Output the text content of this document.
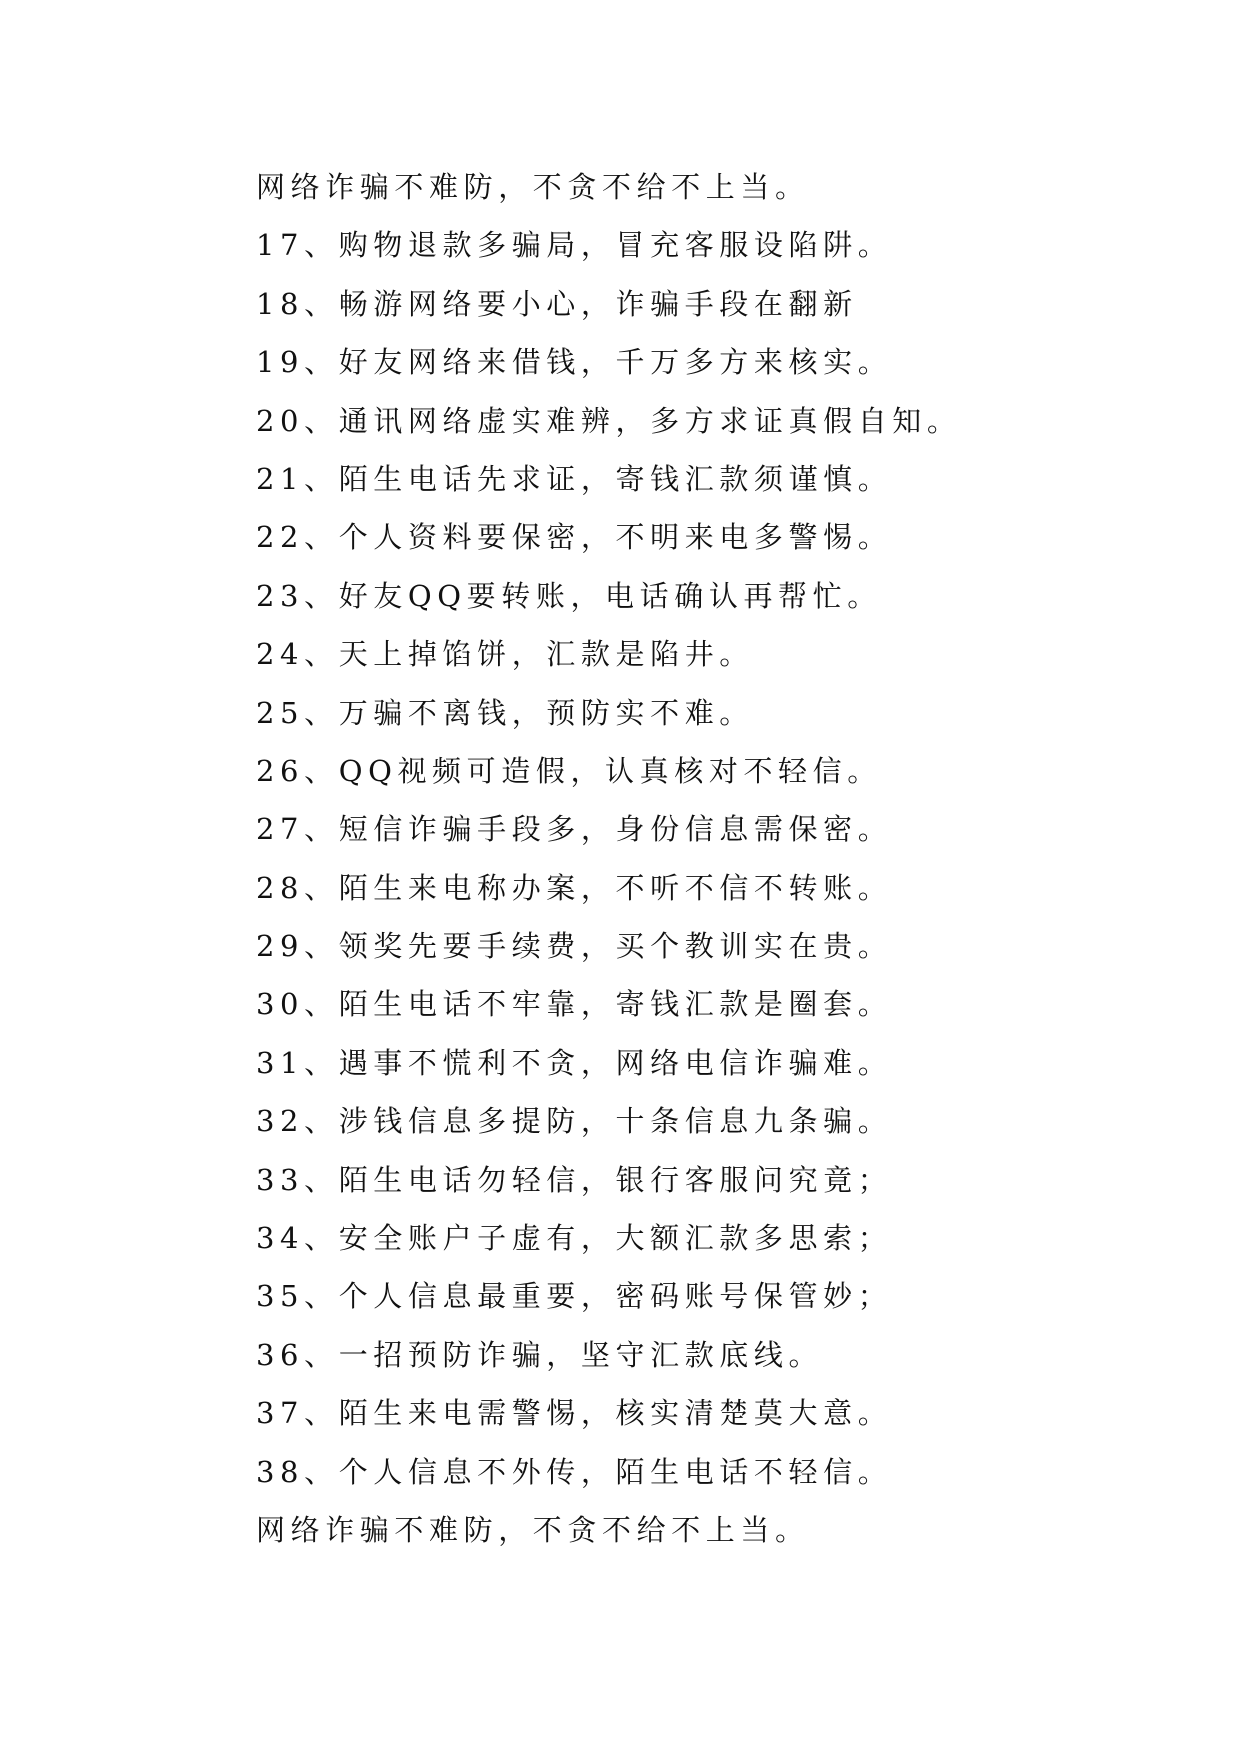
网络诈骗不难防，不贪不给不上当。
17、购物退款多骗局，冒充客服设陷阱。
18、畅游网络要小心，诈骗手段在翻新
19、好友网络来借钱，千万多方来核实。
20、通讯网络虚实难辨，多方求证真假自知。
21、陌生电话先求证，寄钱汇款须谨慎。
22、个人资料要保密，不明来电多警惕。
23、好友QQ要转账，电话确认再帮忙。
24、天上掉馅饼，汇款是陷井。
25、万骗不离钱，预防实不难。
26、QQ视频可造假，认真核对不轻信。
27、短信诈骗手段多，身份信息需保密。
28、陌生来电称办案，不听不信不转账。
29、领奖先要手续费，买个教训实在贵。
30、陌生电话不牢靠，寄钱汇款是圈套。
31、遇事不慌利不贪，网络电信诈骗难。
32、涉钱信息多提防，十条信息九条骗。
33、陌生电话勿轻信，银行客服问究竟；
34、安全账户子虚有，大额汇款多思索；
35、个人信息最重要，密码账号保管妙；
36、一招预防诈骗，坚守汇款底线。
37、陌生来电需警惕，核实清楚莫大意。
38、个人信息不外传，陌生电话不轻信。
网络诈骗不难防，不贪不给不上当。
